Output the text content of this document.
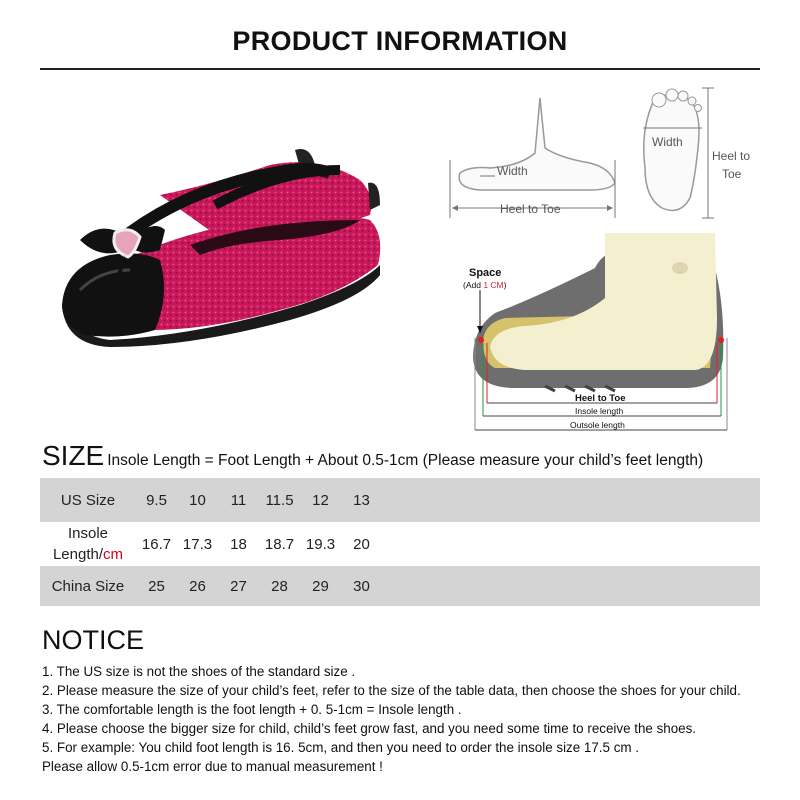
PRODUCT INFORMATION
Width
Heel to Toe
Width
Heel to
Toe
Space
(Add 1 CM)
Heel to Toe
Insole length
Outsole length
SIZE Insole Length = Foot Length + About 0.5-1cm (Please measure your child’s feet length)
US Size	9.5	10	11	11.5	12	13	
Insole
Length/cm	16.7	17.3	18	18.7	19.3	20	
China Size	25	26	27	28	29	30	
NOTICE
1. The US size is not the shoes of the standard size .
2. Please measure the size of your child’s feet, refer to the size of the table data, then choose the shoes for your child.
3. The comfortable length is the foot length + 0. 5-1cm = Insole length .
4. Please choose the bigger size for child, child’s feet grow fast, and you need some time to receive the shoes.
5. For example: You child foot length is 16. 5cm, and then you need to order the insole size 17.5 cm .
Please allow 0.5-1cm error due to manual measurement !
